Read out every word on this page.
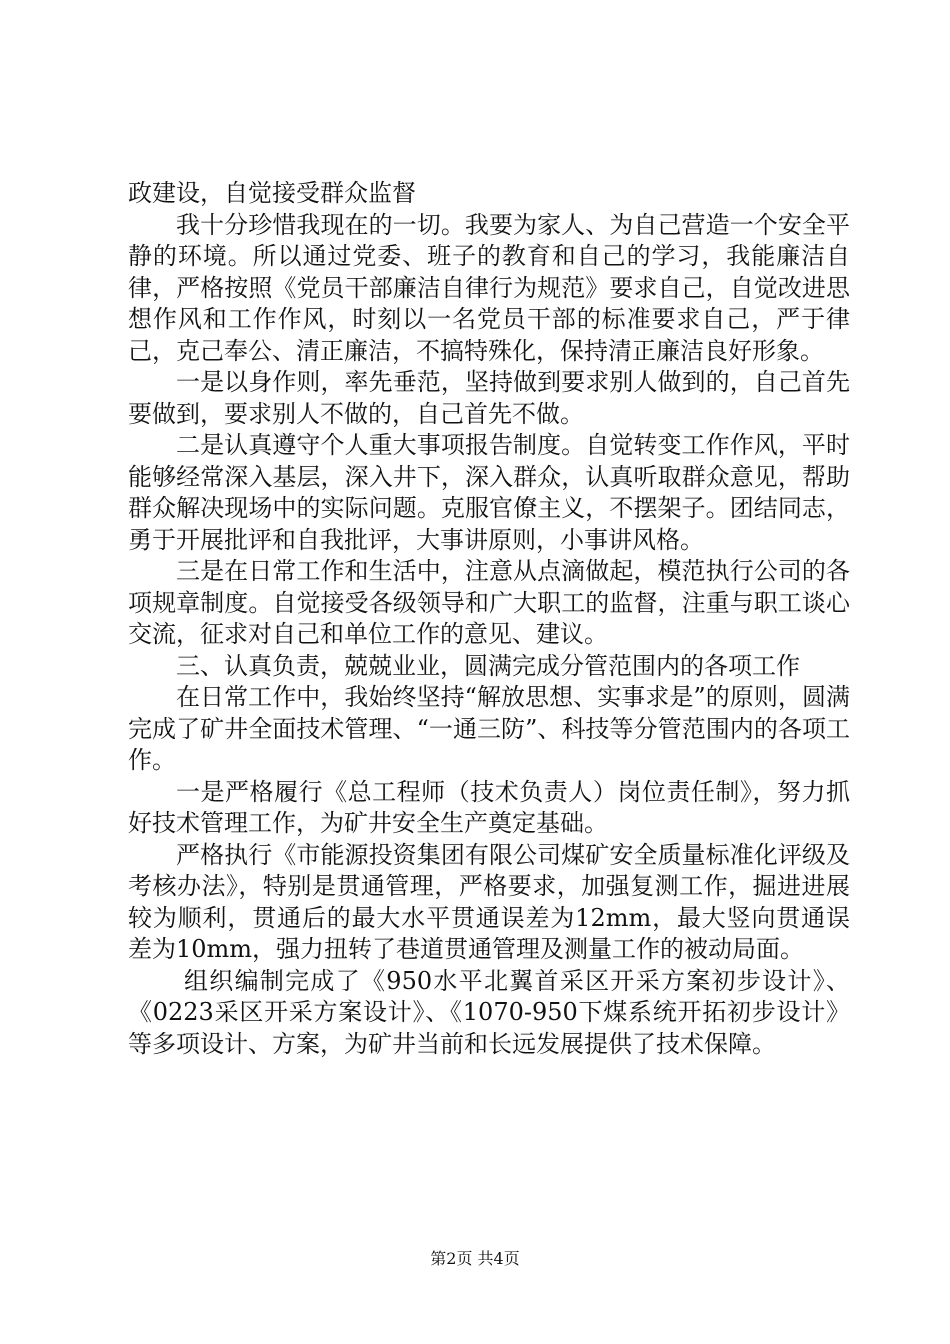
政建设，自觉接受群众监督

我十分珍惜我现在的一切。我要为家人、为自己营造一个安全平静的环境。所以通过党委、班子的教育和自己的学习，我能廉洁自律，严格按照《党员干部廉洁自律行为规范》要求自己，自觉改进思想作风和工作作风，时刻以一名党员干部的标准要求自己，严于律己，克己奉公、清正廉洁，不搞特殊化，保持清正廉洁良好形象。

一是以身作则，率先垂范，坚持做到要求别人做到的，自己首先要做到，要求别人不做的，自己首先不做。

二是认真遵守个人重大事项报告制度。自觉转变工作作风，平时能够经常深入基层，深入井下，深入群众，认真听取群众意见，帮助群众解决现场中的实际问题。克服官僚主义，不摆架子。团结同志，勇于开展批评和自我批评，大事讲原则，小事讲风格。

三是在日常工作和生活中，注意从点滴做起，模范执行公司的各项规章制度。自觉接受各级领导和广大职工的监督，注重与职工谈心交流，征求对自己和单位工作的意见、建议。

三、认真负责，兢兢业业，圆满完成分管范围内的各项工作

在日常工作中，我始终坚持“解放思想、实事求是”的原则，圆满完成了矿井全面技术管理、“一通三防”、科技等分管范围内的各项工作。

一是严格履行《总工程师（技术负责人）岗位责任制》，努力抓好技术管理工作，为矿井安全生产奠定基础。

严格执行《市能源投资集团有限公司煤矿安全质量标准化评级及考核办法》，特别是贯通管理，严格要求，加强复测工作，掘进进展较为顺利，贯通后的最大水平贯通误差为12mm，最大竖向贯通误差为10mm，强力扭转了巷道贯通管理及测量工作的被动局面。

组织编制完成了《950水平北翼首采区开采方案初步设计》、《0223采区开采方案设计》、《1070-950下煤系统开拓初步设计》等多项设计、方案，为矿井当前和长远发展提供了技术保障。

第2页 共4页
